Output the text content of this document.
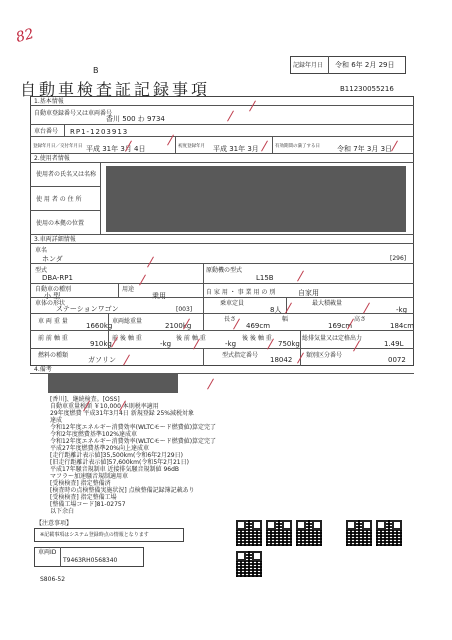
82
B
自動車検査証記録事項
記録年月日 令和 6年 2月 29日
B11230055216
1.基本情報
自動車登録番号又は車両番号
香川 500 わ 9734
車台番号 RP1-1203913
登録年月日／交付年月日 平成 31年 3月 4日	初度登録年月 平成 31年 3月	有効期間の満了する日 令和 7年 3月 3日
2.使用者情報
使用者の氏名又は名称
使 用 者 の 住 所
使用の本拠の位置
3.車両詳細情報
車名
ホンダ	[296]
型式
DBA-RP1
原動機の型式
L15B
自動車の種別
小 型
用途
乗用	自 家 用 ・ 事 業 用 の 別	自家用
車体の形状
ステーションワゴン	[003]
乗車定員
8人
最大積載量
-kg
車 両 重 量
1660kg
車両総重量
2100kg
長さ
469cm
幅
169cm
高さ
184cm
前 前 軸 重
910kg
前 後 軸 重
-kg
後 前 軸 重
-kg
後 後 軸 重
750kg
総排気量又は定格出力
1.49L
燃料の種類
ガソリン
型式指定番号
18042
類別区分番号
0072
4.備考
[香川]、継続検査。[OSS]
自動車重量税額 ￥10,000 本則税率適用
29年度燃費 平成31年3月4日 新規登録 25%減税対象
達成
令和12年度エネルギー消費効率(WLTCモード燃費値)算定完了
令和2年度燃費基準102%達成車
令和12年度エネルギー消費効率(WLTCモード燃費値)算定完了
平成27年度燃費基準20%向上達成車
[走行距離計表示値]35,500km(令和6年2月29日)
[旧走行距離計表示値]57,600km(令和5年2月21日)
平成17年騒音規制車 近接排気騒音規制値 96dB
マフラー加速騒音規制適用車
[受検検査] 指定整備済
[検査時の点検整備実施状況] 点検整備記録簿記載あり
[受検検査] 指定整備工場
[整備工場コード]81-02757
以下余白
【注意事項】
※記載事項はシステム登録時点の情報となります
車両ID
T9463RH0568340
S806-52
